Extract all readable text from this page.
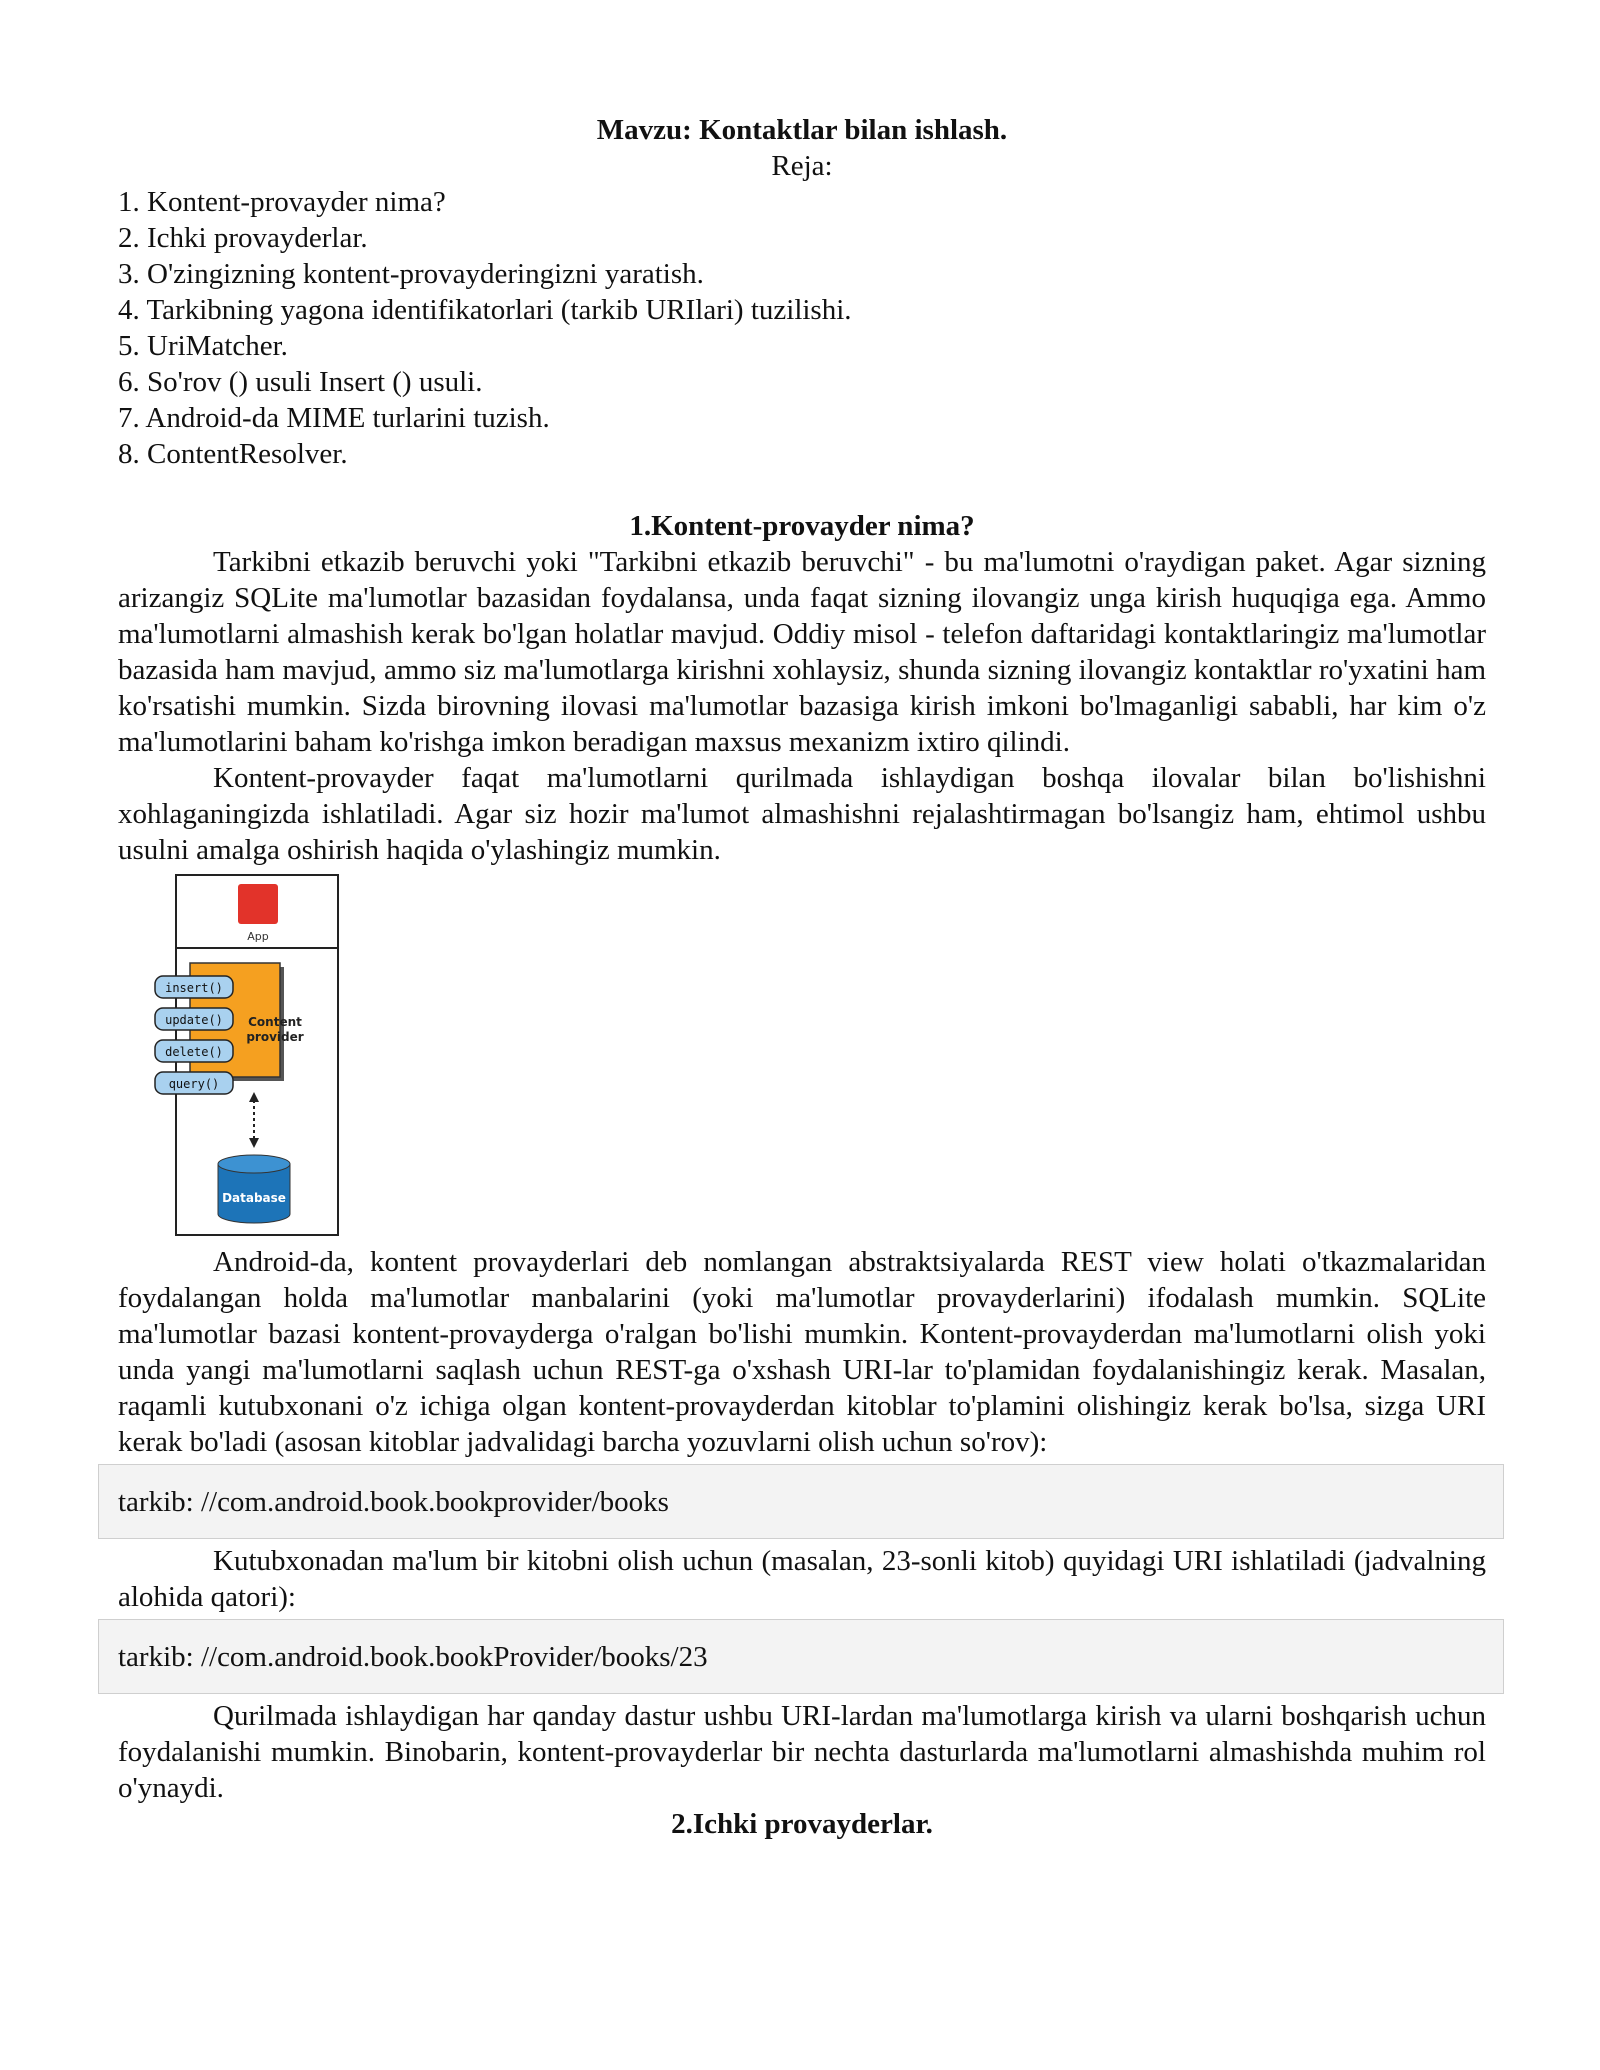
Mavzu: Kontaktlar bilan ishlash.
Reja:
1. Kontent-provayder nima?
2. Ichki provayderlar.
3. O'zingizning kontent-provayderingizni yaratish.
4. Tarkibning yagona identifikatorlari (tarkib URIlari) tuzilishi.
5. UriMatcher.
6. So'rov () usuli Insert () usuli.
7. Android-da MIME turlarini tuzish.
8. ContentResolver.
1.Kontent-provayder nima?

Tarkibni etkazib beruvchi yoki "Tarkibni etkazib beruvchi" - bu ma'lumotni o'raydigan paket. Agar sizning arizangiz SQLite ma'lumotlar bazasidan foydalansa, unda faqat sizning ilovangiz unga kirish huquqiga ega. Ammo ma'lumotlarni almashish kerak bo'lgan holatlar mavjud. Oddiy misol - telefon daftaridagi kontaktlaringiz ma'lumotlar bazasida ham mavjud, ammo siz ma'lumotlarga kirishni xohlaysiz, shunda sizning ilovangiz kontaktlar ro'yxatini ham ko'rsatishi mumkin. Sizda birovning ilovasi ma'lumotlar bazasiga kirish imkoni bo'lmaganligi sababli, har kim o'z ma'lumotlarini baham ko'rishga imkon beradigan maxsus mexanizm ixtiro qilindi.

Kontent-provayder faqat ma'lumotlarni qurilmada ishlaydigan boshqa ilovalar bilan bo'lishishni xohlaganingizda ishlatiladi. Agar siz hozir ma'lumot almashishni rejalashtirmagan bo'lsangiz ham, ehtimol ushbu usulni amalga oshirish haqida o'ylashingiz mumkin.

App
Content
provider
insert()
update()
delete()
query()
Database

Android-da, kontent provayderlari deb nomlangan abstraktsiyalarda REST view holati o'tkazmalaridan foydalangan holda ma'lumotlar manbalarini (yoki ma'lumotlar provayderlarini) ifodalash mumkin. SQLite ma'lumotlar bazasi kontent-provayderga o'ralgan bo'lishi mumkin. Kontent-provayderdan ma'lumotlarni olish yoki unda yangi ma'lumotlarni saqlash uchun REST-ga o'xshash URI-lar to'plamidan foydalanishingiz kerak. Masalan, raqamli kutubxonani o'z ichiga olgan kontent-provayderdan kitoblar to'plamini olishingiz kerak bo'lsa, sizga URI kerak bo'ladi (asosan kitoblar jadvalidagi barcha yozuvlarni olish uchun so'rov):

tarkib: //com.android.book.bookprovider/books

Kutubxonadan ma'lum bir kitobni olish uchun (masalan, 23-sonli kitob) quyidagi URI ishlatiladi (jadvalning alohida qatori):

tarkib: //com.android.book.bookProvider/books/23

Qurilmada ishlaydigan har qanday dastur ushbu URI-lardan ma'lumotlarga kirish va ularni boshqarish uchun foydalanishi mumkin. Binobarin, kontent-provayderlar bir nechta dasturlarda ma'lumotlarni almashishda muhim rol o'ynaydi.

2.Ichki provayderlar.
